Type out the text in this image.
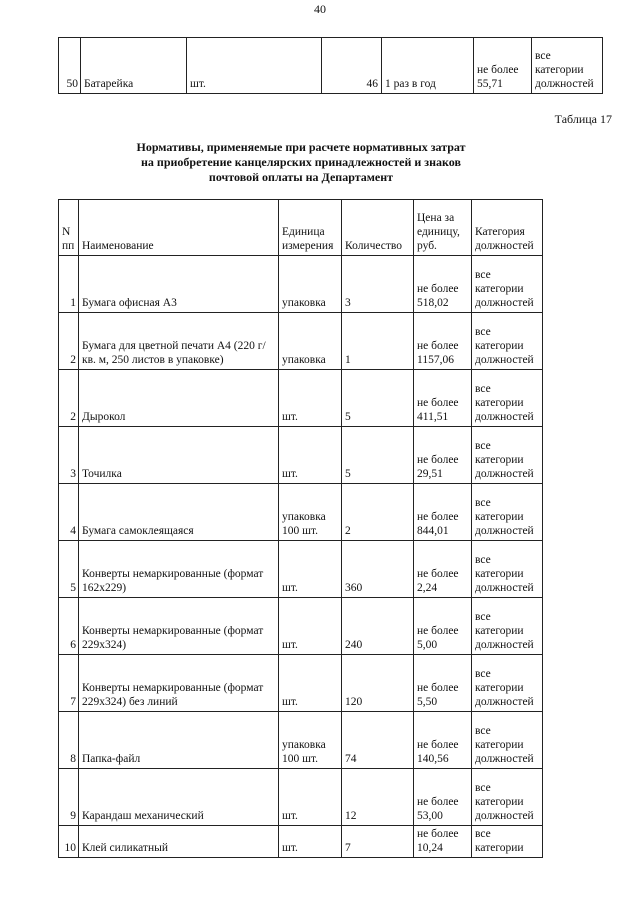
40
50	Батарейка	шт.	46	1 раз в год	не более 55,71	все категории должностей
Таблица 17
Нормативы, применяемые при расчете нормативных затрат
на приобретение канцелярских принадлежностей и знаков
почтовой оплаты на Департамент
N пп	Наименование	Единица измерения	Количество	Цена за единицу, руб.	Категория должностей
1	Бумага офисная А3	упаковка	3	не более 518,02	все категории должностей
2	Бумага для цветной печати А4 (220 г/кв. м, 250 листов в упаковке)	упаковка	1	не более 1157,06	все категории должностей
2	Дырокол	шт.	5	не более 411,51	все категории должностей
3	Точилка	шт.	5	не более 29,51	все категории должностей
4	Бумага самоклеящаяся	упаковка 100 шт.	2	не более 844,01	все категории должностей
5	Конверты немаркированные (формат 162x229)	шт.	360	не более 2,24	все категории должностей
6	Конверты немаркированные (формат 229x324)	шт.	240	не более 5,00	все категории должностей
7	Конверты немаркированные (формат 229x324) без линий	шт.	120	не более 5,50	все категории должностей
8	Папка-файл	упаковка 100 шт.	74	не более 140,56	все категории должностей
9	Карандаш механический	шт.	12	не более 53,00	все категории должностей
10	Клей силикатный	шт.	7	не более 10,24	все категории
